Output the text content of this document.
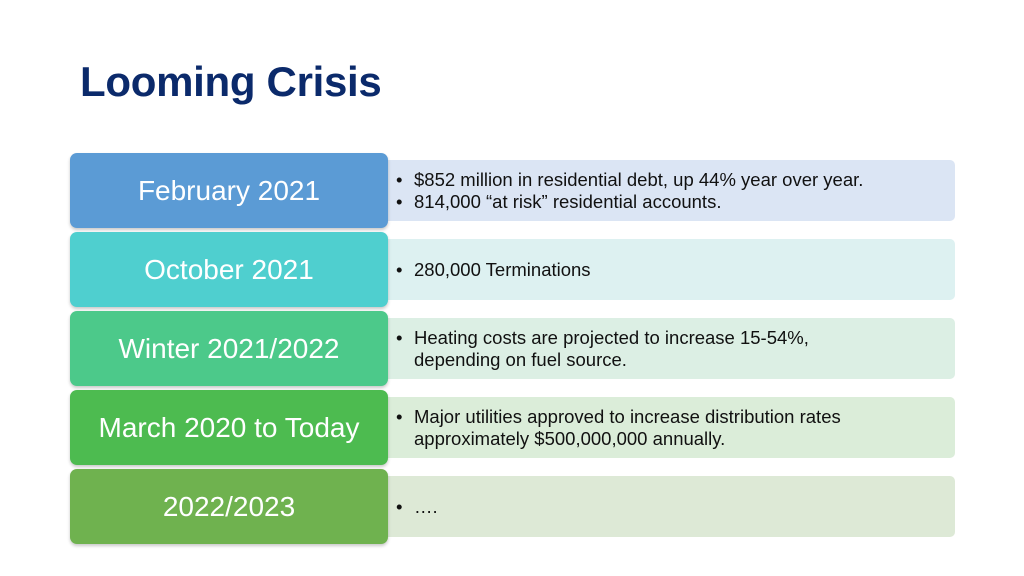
Looming Crisis
• $852 million in residential debt, up 44% year over year.
• 814,000 “at risk” residential accounts.
February 2021
• 280,000 Terminations
October 2021
• Heating costs are projected to increase 15-54%, depending on fuel source.
Winter 2021/2022
• Major utilities approved to increase distribution rates approximately $500,000,000 annually.
March 2020 to Today
• ….
2022/2023
